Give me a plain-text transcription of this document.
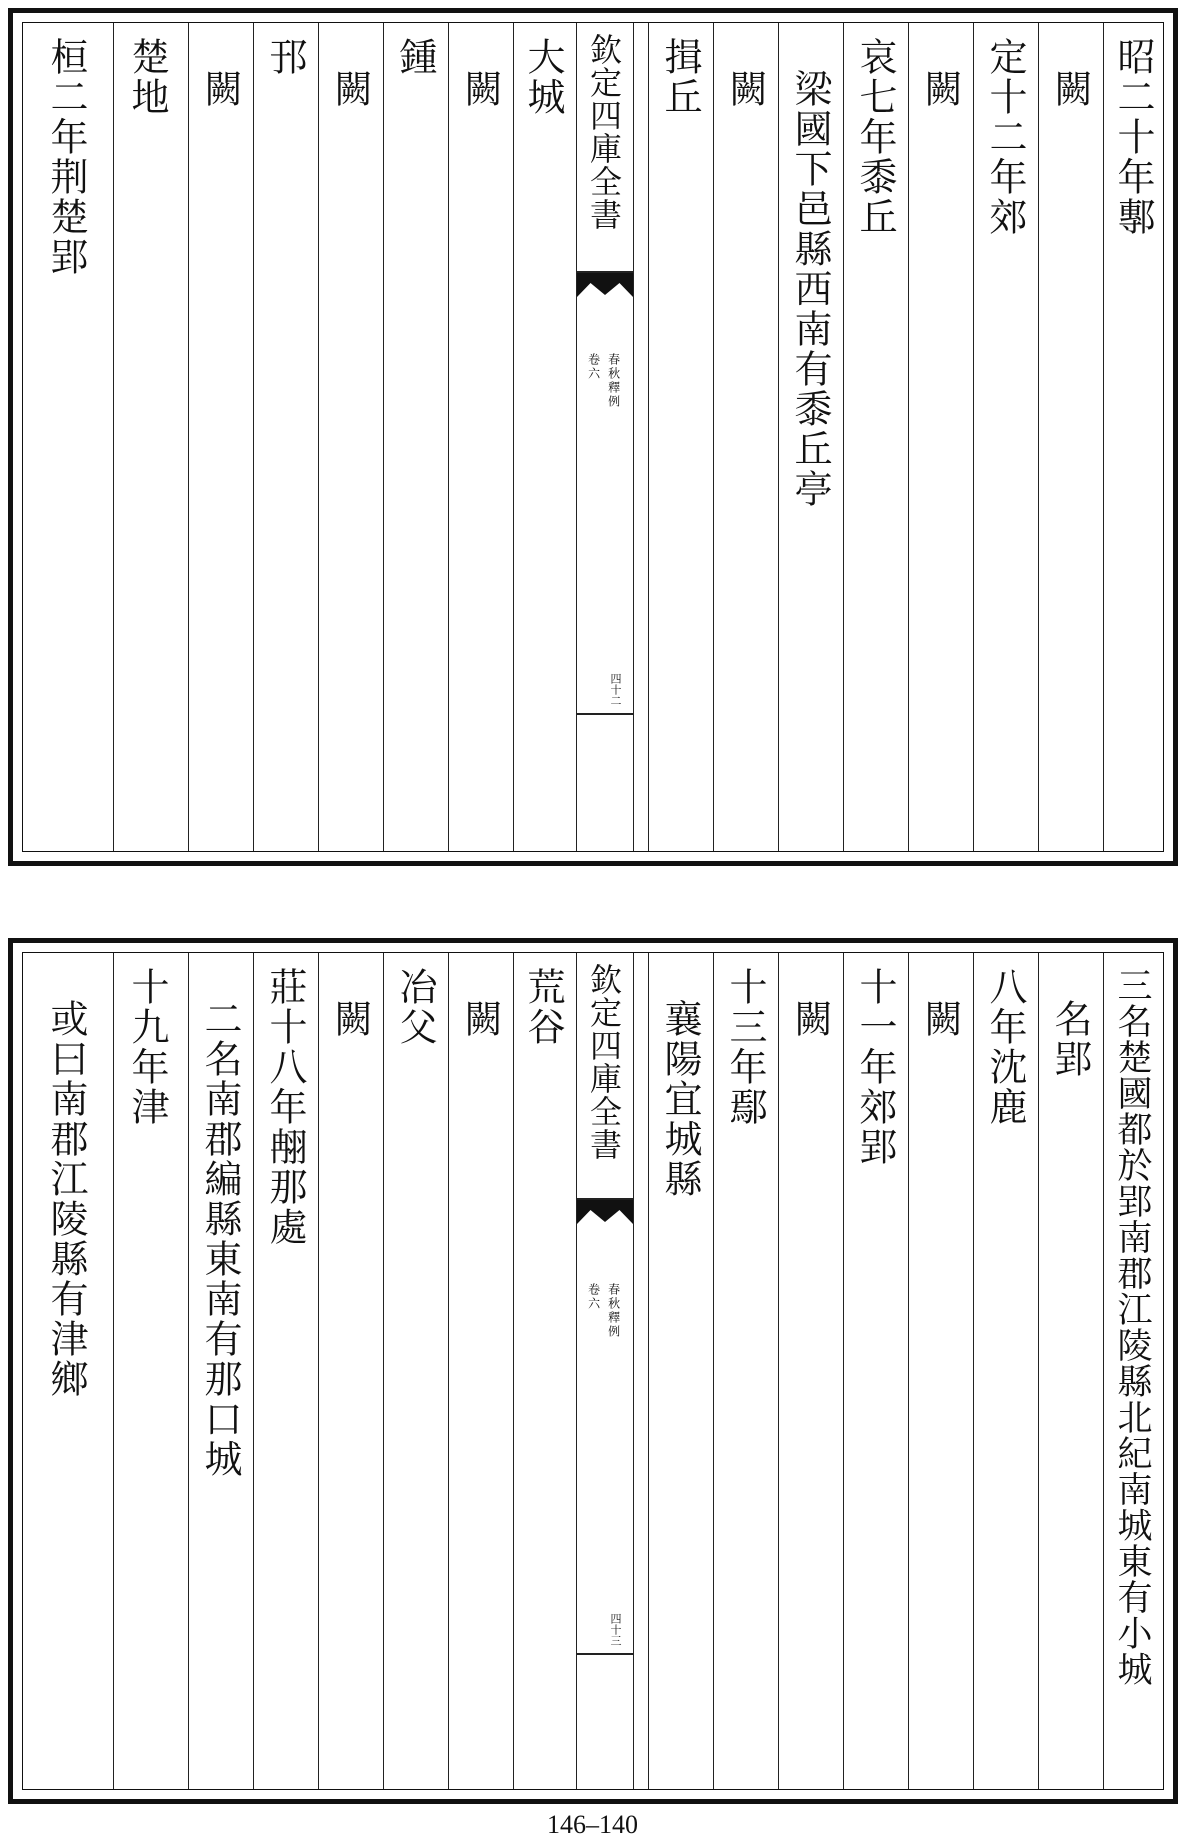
昭二十年鄟
闕
定十二年郊
闕
哀七年黍丘
梁國下邑縣西南有黍丘亭
闕
揖丘
欽定四庫全書
春秋釋例
卷六
四十二
大城
闕
鍾
闕
邘
闕
楚地
桓二年荆楚郢
三名楚國都於郢南郡江陵縣北紀南城東有小城
名郢
八年沈鹿
闕
十一年郊郢
闕
十三年鄢
襄陽宜城縣
欽定四庫全書
春秋釋例
卷六
四十三
荒谷
闕
冶父
闕
莊十八年䎃那處
二名南郡編縣東南有那口城
十九年津
或曰南郡江陵縣有津鄉
146–140
